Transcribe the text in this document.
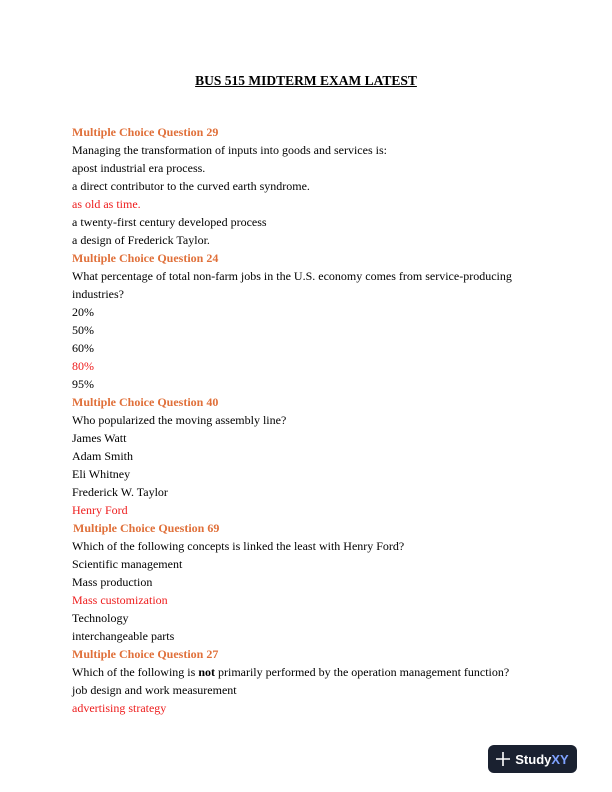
BUS 515 MIDTERM EXAM LATEST

Multiple Choice Question 29

Managing the transformation of inputs into goods and services is:

apost industrial era process.

a direct contributor to the curved earth syndrome.

as old as time.

a twenty-first century developed process

a design of Frederick Taylor.

Multiple Choice Question 24

What percentage of total non-farm jobs in the U.S. economy comes from service-producing industries?

20%

50%

60%

80%

95%

Multiple Choice Question 40

Who popularized the moving assembly line?

James Watt

Adam Smith

Eli Whitney

Frederick W. Taylor

Henry Ford

Multiple Choice Question 69

Which of the following concepts is linked the least with Henry Ford?

Scientific management

Mass production

Mass customization

Technology

interchangeable parts

Multiple Choice Question 27

Which of the following is not primarily performed by the operation management function?

job design and work measurement

advertising strategy

Study XY
